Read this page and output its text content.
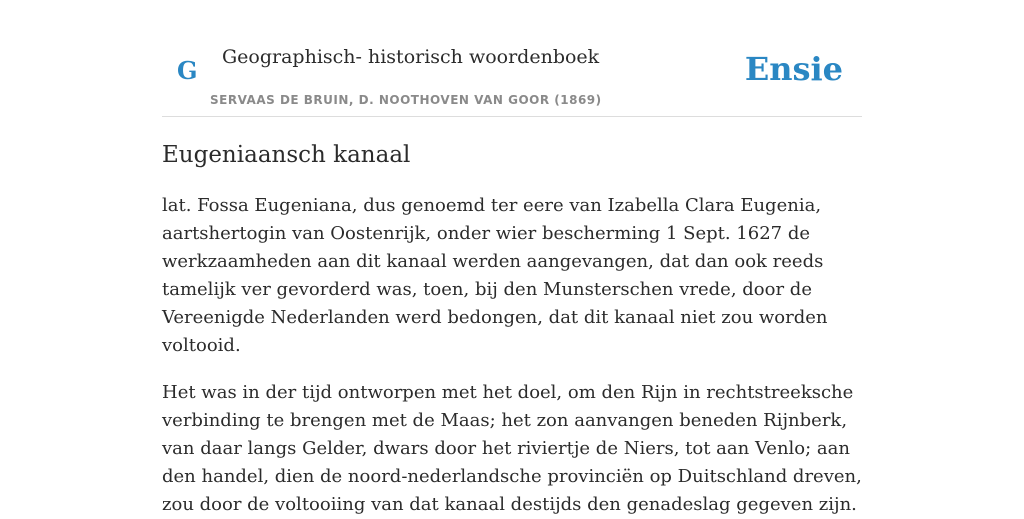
G Geographisch- historisch woordenboek
SERVAAS DE BRUIN, D. NOOTHOVEN VAN GOOR (1869)
Ensie
Eugeniaansch kanaal

lat. Fossa Eugeniana, dus genoemd ter eere van Izabella Clara Eugenia, aartshertogin van Oostenrijk, onder wier bescherming 1 Sept. 1627 de werkzaamheden aan dit kanaal werden aangevangen, dat dan ook reeds tamelijk ver gevorderd was, toen, bij den Munsterschen vrede, door de Vereenigde Nederlanden werd bedongen, dat dit kanaal niet zou worden voltooid.

Het was in der tijd ontworpen met het doel, om den Rijn in rechtstreeksche verbinding te brengen met de Maas; het zon aanvangen beneden Rijnberk, van daar langs Gelder, dwars door het riviertje de Niers, tot aan Venlo; aan den handel, dien de noord-nederlandsche provinciën op Duitschland dreven, zou door de voltooiing van dat kanaal destijds den genadeslag gegeven zijn.
